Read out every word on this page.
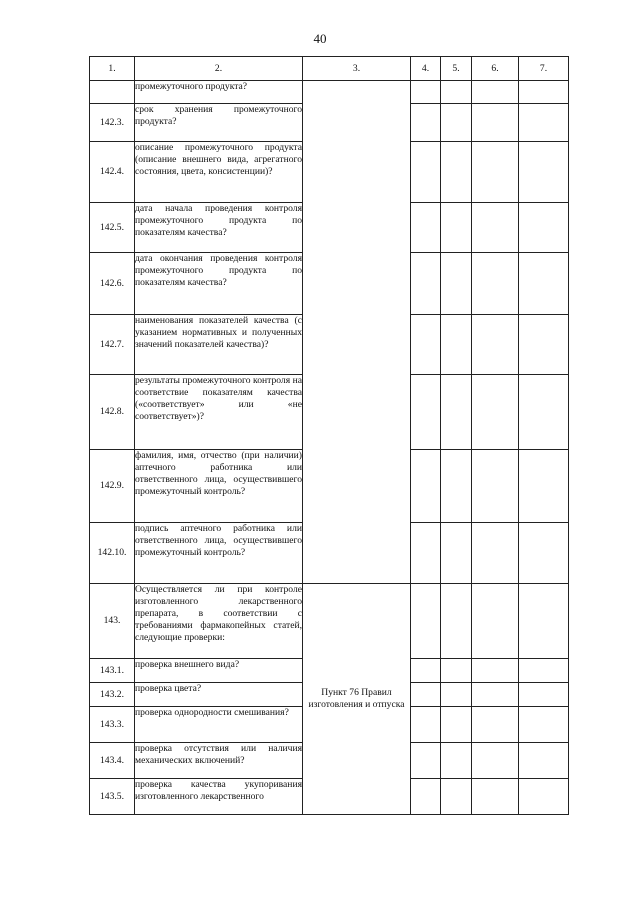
40
1.	2.	3.	4.	5.	6.	7.
	промежуточного продукта?					
142.3.	срок хранения промежуточного продукта?					
142.4.	описание промежуточного продукта (описание внешнего вида, агрегатного состояния, цвета, консистенции)?					
142.5.	дата начала проведения контроля промежуточного продукта по показателям качества?					
142.6.	дата окончания проведения контроля промежуточного продукта по показателям качества?					
142.7.	наименования показателей качества (с указанием нормативных и полученных значений показателей качества)?					
142.8.	результаты промежуточного контроля на соответствие показателям качества («соответствует» или «не соответствует»)?					
142.9.	фамилия, имя, отчество (при наличии) аптечного работника или ответственного лица, осуществившего промежуточный контроль?					
142.10.	подпись аптечного работника или ответственного лица, осуществившего промежуточный контроль?					
143.	Осуществляется ли при контроле изготовленного лекарственного препарата, в соответствии с требованиями фармакопейных статей, следующие проверки:	Пункт 76 Правил изготовления и отпуска				
143.1.	проверка внешнего вида?					
143.2.	проверка цвета?					
143.3.	проверка однородности смешивания?					
143.4.	проверка отсутствия или наличия механических включений?					
143.5.	проверка качества укупоривания изготовленного лекарственного					
